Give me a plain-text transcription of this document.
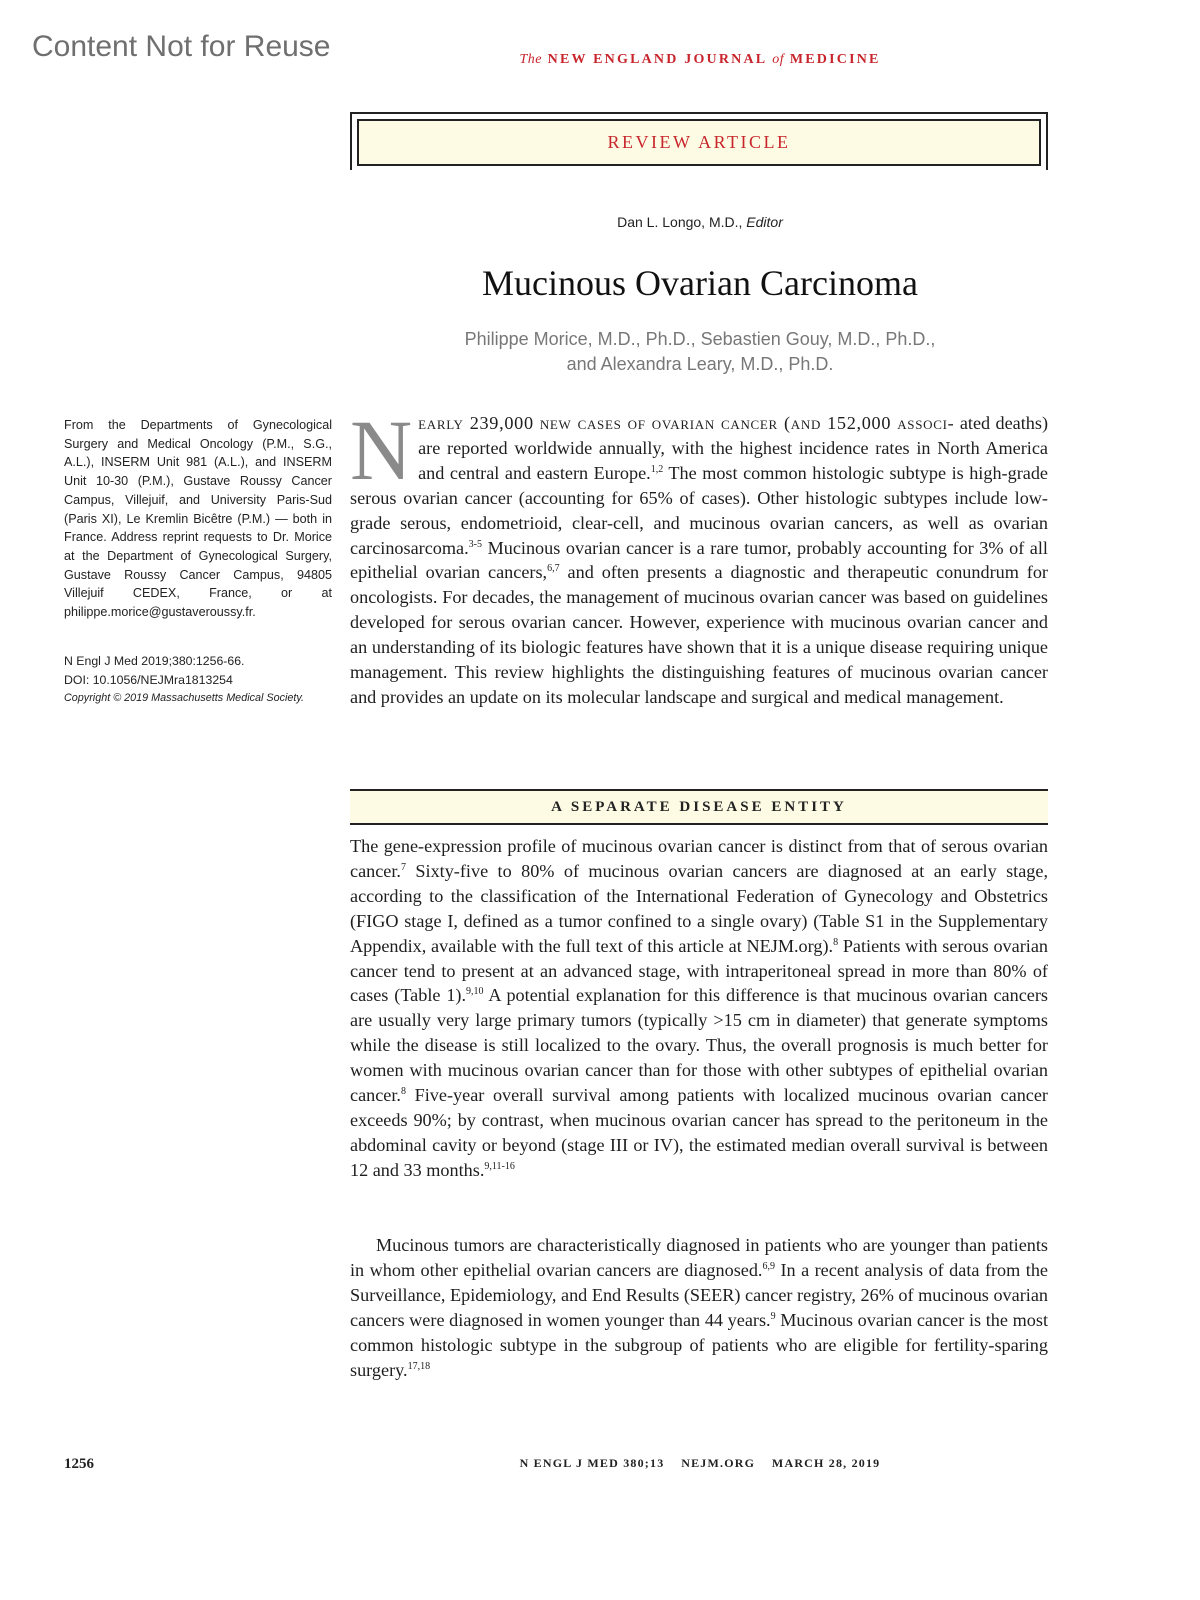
Content Not for Reuse	The NEW ENGLAND JOURNAL of MEDICINE
REVIEW ARTICLE
Dan L. Longo, M.D., Editor
Mucinous Ovarian Carcinoma
Philippe Morice, M.D., Ph.D., Sebastien Gouy, M.D., Ph.D.,
and Alexandra Leary, M.D., Ph.D.
From the Departments of Gynecological Surgery and Medical Oncology (P.M., S.G., A.L.), INSERM Unit 981 (A.L.), and INSERM Unit 10-30 (P.M.), Gustave Roussy Cancer Campus, Villejuif, and University Paris-Sud (Paris XI), Le Kremlin Bicêtre (P.M.) — both in France. Address reprint requests to Dr. Morice at the Department of Gynecological Surgery, Gustave Roussy Cancer Campus, 94805 Villejuif CEDEX, France, or at philippe.morice@gustaveroussy.fr.
N Engl J Med 2019;380:1256-66.
DOI: 10.1056/NEJMra1813254
Copyright © 2019 Massachusetts Medical Society.

Nearly 239,000 new cases of ovarian cancer (and 152,000 associ- ated deaths) are reported worldwide annually, with the highest incidence rates in North America and central and eastern Europe.$^{1,2}$ The most common histologic subtype is high-grade serous ovarian cancer (accounting for 65% of cases). Other histologic subtypes include low-grade serous, endometrioid, clear-cell, and mucinous ovarian cancers, as well as ovarian carcinosarcoma.$^{3-5}$ Mucinous ovarian cancer is a rare tumor, probably accounting for 3% of all epithelial ovarian cancers,$^{6,7}$ and often presents a diagnostic and therapeutic conundrum for oncologists. For decades, the management of mucinous ovarian cancer was based on guidelines developed for serous ovarian cancer. However, experience with mucinous ovarian cancer and an understanding of its biologic features have shown that it is a unique disease requiring unique management. This review highlights the distinguishing features of mucinous ovarian cancer and provides an update on its molecular landscape and surgical and medical management.

A SEPARATE DISEASE ENTITY

The gene-expression profile of mucinous ovarian cancer is distinct from that of serous ovarian cancer.$^7$ Sixty-five to 80% of mucinous ovarian cancers are diagnosed at an early stage, according to the classification of the International Federation of Gynecology and Obstetrics (FIGO stage I, defined as a tumor confined to a single ovary) (Table S1 in the Supplementary Appendix, available with the full text of this article at NEJM.org).$^8$ Patients with serous ovarian cancer tend to present at an advanced stage, with intraperitoneal spread in more than 80% of cases (Table 1).$^{9,10}$ A potential explanation for this difference is that mucinous ovarian cancers are usually very large primary tumors (typically >15 cm in diameter) that generate symptoms while the disease is still localized to the ovary. Thus, the overall prognosis is much better for women with mucinous ovarian cancer than for those with other subtypes of epithelial ovarian cancer.$^8$ Five-year overall survival among patients with localized mucinous ovarian cancer exceeds 90%; by contrast, when mucinous ovarian cancer has spread to the peritoneum in the abdominal cavity or beyond (stage III or IV), the estimated median overall survival is between 12 and 33 months.$^{9,11-16}$

Mucinous tumors are characteristically diagnosed in patients who are younger than patients in whom other epithelial ovarian cancers are diagnosed.$^{6,9}$ In a recent analysis of data from the Surveillance, Epidemiology, and End Results (SEER) cancer registry, 26% of mucinous ovarian cancers were diagnosed in women younger than 44 years.$^9$ Mucinous ovarian cancer is the most common histologic subtype in the subgroup of patients who are eligible for fertility-sparing surgery.$^{17,18}$

1256	N ENGL J MED 380;13    NEJM.ORG    MARCH 28, 2019
